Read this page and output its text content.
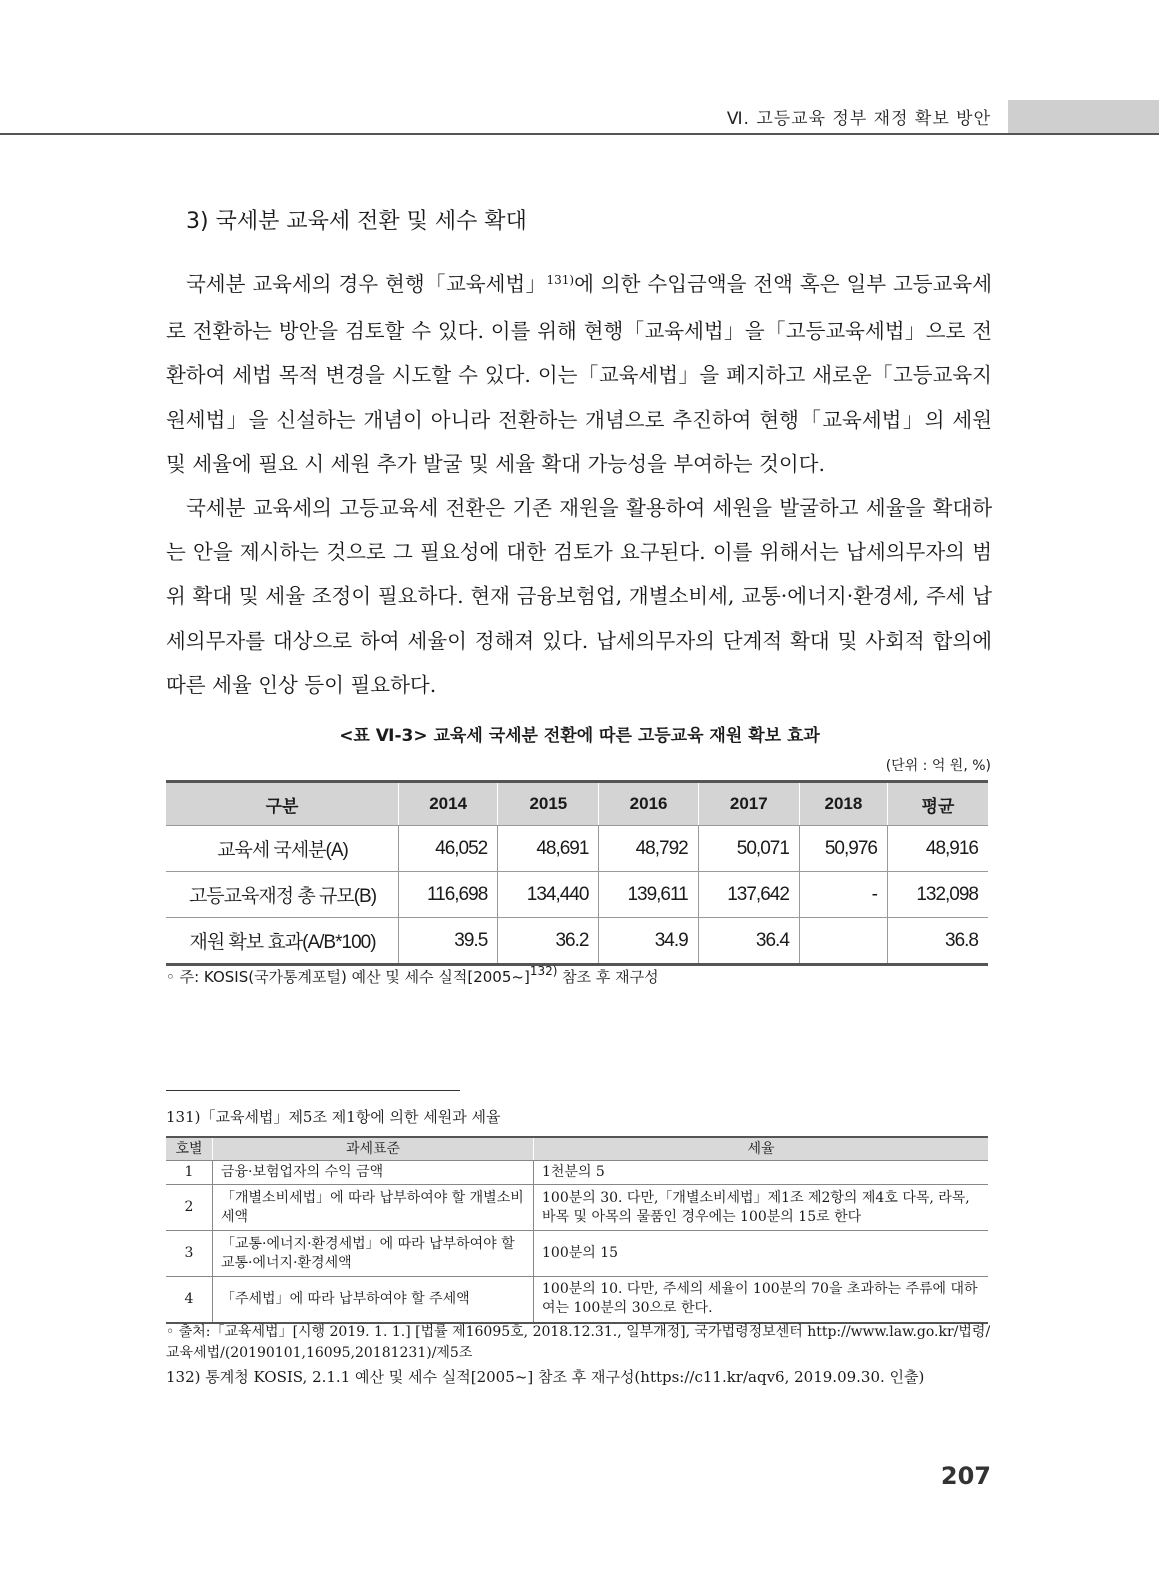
Ⅵ. 고등교육 정부 재정 확보 방안
3) 국세분 교육세 전환 및 세수 확대

국세분 교육세의 경우 현행「교육세법」$^{131)}$에 의한 수입금액을 전액 혹은 일부 고등교육세로 전환하는 방안을 검토할 수 있다. 이를 위해 현행「교육세법」을「고등교육세법」으로 전환하여 세법 목적 변경을 시도할 수 있다. 이는「교육세법」을 폐지하고 새로운「고등교육지원세법」을 신설하는 개념이 아니라 전환하는 개념으로 추진하여 현행「교육세법」의 세원 및 세율에 필요 시 세원 추가 발굴 및 세율 확대 가능성을 부여하는 것이다.

국세분 교육세의 고등교육세 전환은 기존 재원을 활용하여 세원을 발굴하고 세율을 확대하는 안을 제시하는 것으로 그 필요성에 대한 검토가 요구된다. 이를 위해서는 납세의무자의 범위 확대 및 세율 조정이 필요하다. 현재 금융보험업, 개별소비세, 교통·에너지·환경세, 주세 납세의무자를 대상으로 하여 세율이 정해져 있다. 납세의무자의 단계적 확대 및 사회적 합의에 따른 세율 인상 등이 필요하다.

<표 Ⅵ-3> 교육세 국세분 전환에 따른 고등교육 재원 확보 효과
(단위 : 억 원, %)
구분	2014	2015	2016	2017	2018	평균
교육세 국세분(A)	46,052	48,691	48,792	50,071	50,976	48,916
고등교육재정 총 규모(B)	116,698	134,440	139,611	137,642	-	132,098
재원 확보 효과(A/B*100)	39.5	36.2	34.9	36.4		36.8
◦ 주: KOSIS(국가통계포털) 예산 및 세수 실적[2005~]$^{132)}$ 참조 후 재구성
131)「교육세법」제5조 제1항에 의한 세원과 세율
호별	과세표준	세율
1	금융·보험업자의 수익 금액	1천분의 5
2	「개별소비세법」에 따라 납부하여야 할 개별소비세액	100분의 30. 다만,「개별소비세법」제1조 제2항의 제4호 다목, 라목, 바목 및 아목의 물품인 경우에는 100분의 15로 한다
3	「교통·에너지·환경세법」에 따라 납부하여야 할 교통·에너지·환경세액	100분의 15
4	「주세법」에 따라 납부하여야 할 주세액	100분의 10. 다만, 주세의 세율이 100분의 70을 초과하는 주류에 대하여는 100분의 30으로 한다.
◦ 출처:「교육세법」[시행 2019. 1. 1.] [법률 제16095호, 2018.12.31., 일부개정], 국가법령정보센터 http://www.law.go.kr/법령/교육세법/(20190101,16095,20181231)/제5조
132) 통계청 KOSIS, 2.1.1 예산 및 세수 실적[2005~] 참조 후 재구성(https://c11.kr/aqv6, 2019.09.30. 인출)
207
